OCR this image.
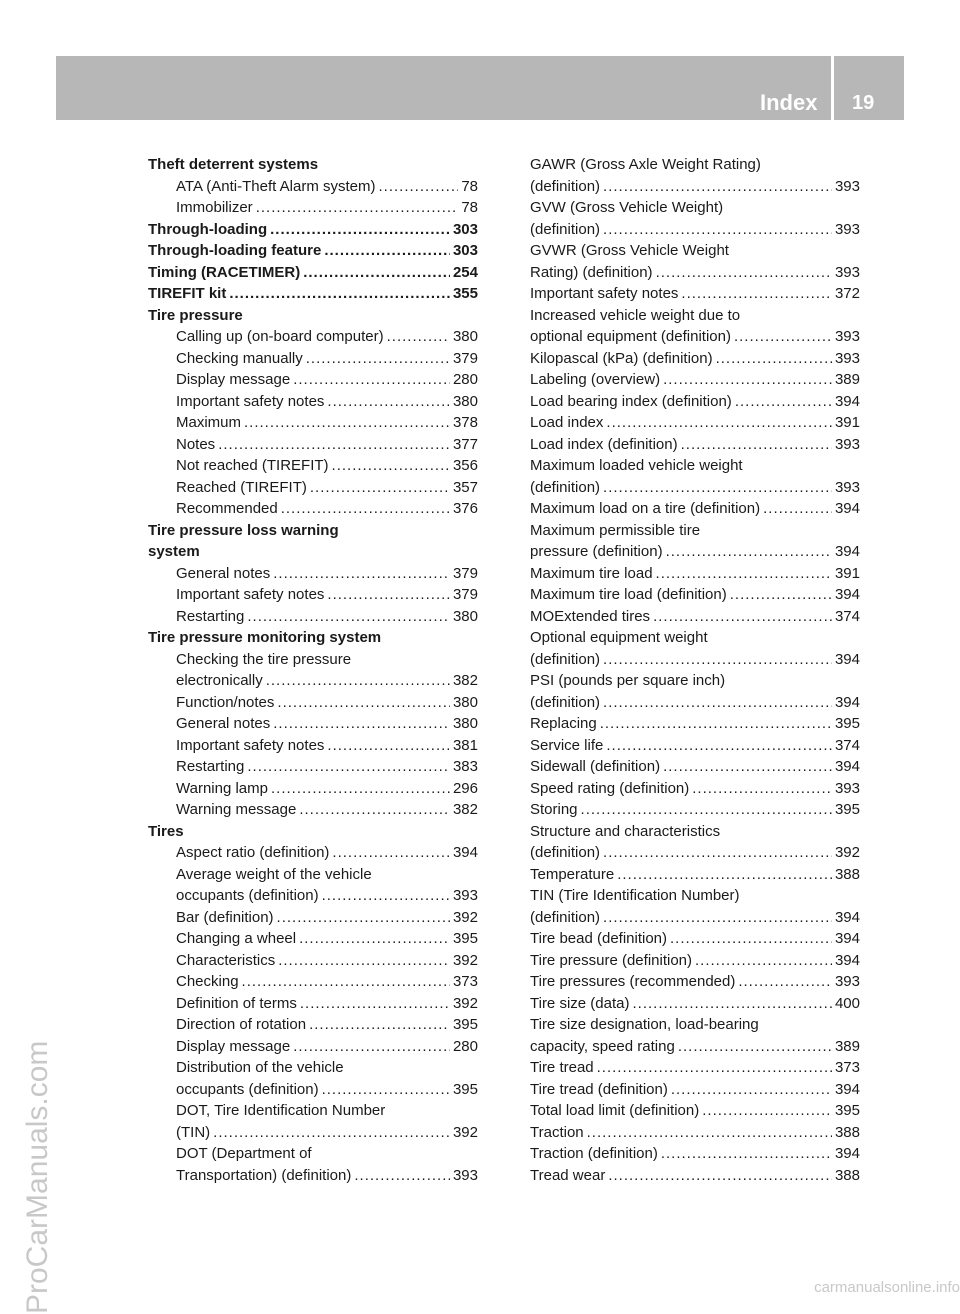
Index 19
ProCarManuals.com	carmanualsonline.info
Theft deterrent systems
ATA (Anti-Theft Alarm system) .....	78
Immobilizer .....	78
Through-loading .....	303
Through-loading feature .....	303
Timing (RACETIMER) .....	254
TIREFIT kit .....	355
Tire pressure
Calling up (on-board computer) .....	380
Checking manually .....	379
Display message .....	280
Important safety notes .....	380
Maximum .....	378
Notes .....	377
Not reached (TIREFIT) .....	356
Reached (TIREFIT) .....	357
Recommended .....	376
Tire pressure loss warning
system
General notes .....	379
Important safety notes .....	379
Restarting .....	380
Tire pressure monitoring system
Checking the tire pressure
electronically .....	382
Function/notes .....	380
General notes .....	380
Important safety notes .....	381
Restarting .....	383
Warning lamp .....	296
Warning message .....	382
Tires
Aspect ratio (definition) .....	394
Average weight of the vehicle
occupants (definition) .....	393
Bar (definition) .....	392
Changing a wheel .....	395
Characteristics .....	392
Checking .....	373
Definition of terms .....	392
Direction of rotation .....	395
Display message .....	280
Distribution of the vehicle
occupants (definition) .....	395
DOT, Tire Identification Number
(TIN) .....	392
DOT (Department of
Transportation) (definition) .....	393
GAWR (Gross Axle Weight Rating)
(definition) .....	393
GVW (Gross Vehicle Weight)
(definition) .....	393
GVWR (Gross Vehicle Weight
Rating) (definition) .....	393
Important safety notes .....	372
Increased vehicle weight due to
optional equipment (definition) .....	393
Kilopascal (kPa) (definition) .....	393
Labeling (overview) .....	389
Load bearing index (definition) .....	394
Load index .....	391
Load index (definition) .....	393
Maximum loaded vehicle weight
(definition) .....	393
Maximum load on a tire (definition) .....	394
Maximum permissible tire
pressure (definition) .....	394
Maximum tire load .....	391
Maximum tire load (definition) .....	394
MOExtended tires .....	374
Optional equipment weight
(definition) .....	394
PSI (pounds per square inch)
(definition) .....	394
Replacing .....	395
Service life .....	374
Sidewall (definition) .....	394
Speed rating (definition) .....	393
Storing .....	395
Structure and characteristics
(definition) .....	392
Temperature .....	388
TIN (Tire Identification Number)
(definition) .....	394
Tire bead (definition) .....	394
Tire pressure (definition) .....	394
Tire pressures (recommended) .....	393
Tire size (data) .....	400
Tire size designation, load-bearing
capacity, speed rating .....	389
Tire tread .....	373
Tire tread (definition) .....	394
Total load limit (definition) .....	395
Traction .....	388
Traction (definition) .....	394
Tread wear .....	388
